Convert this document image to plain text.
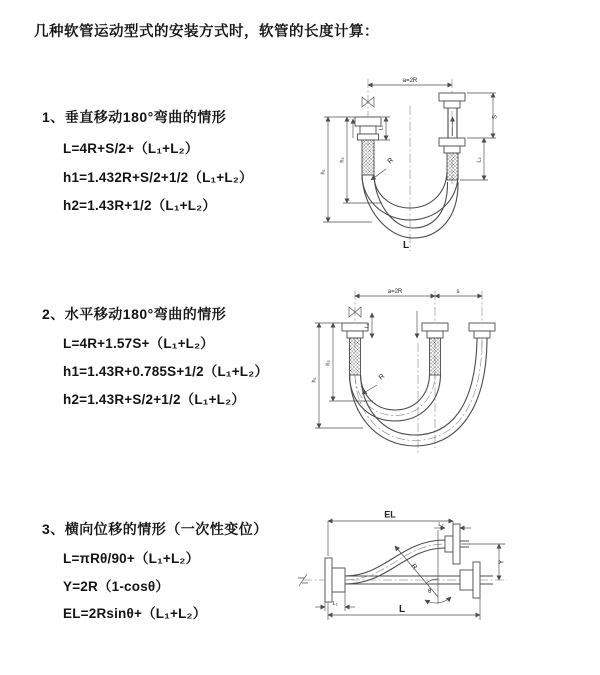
几种软管运动型式的安装方式时，软管的长度计算：
1、垂直移动180°弯曲的情形
L=4R+S/2+（L₁+L₂）
h1=1.432R+S/2+1/2（L₁+L₂）
h2=1.43R+1/2（L₁+L₂）
2、水平移动180°弯曲的情形
L=4R+1.57S+（L₁+L₂）
h1=1.43R+0.785S+1/2（L₁+L₂）
h2=1.43R+S/2+1/2（L₁+L₂）
3、横向位移的情形（一次性变位）
L=πRθ/90+（L₁+L₂）
Y=2R（1-cosθ）
EL=2Rsinθ+（L₁+L₂）
a=2R
L₁
S
L₂
R
h₂
h₁
L
a=2R	s
L₁
R
h₂
h₁
EL
L₂
Y
R
θ
L₁	L
